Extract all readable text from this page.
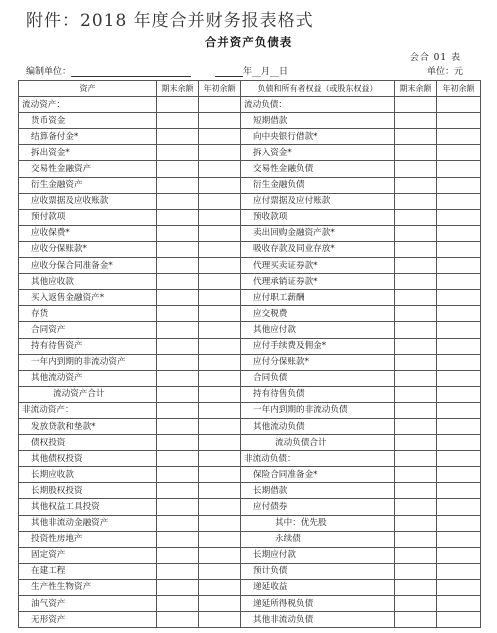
附件：2018 年度合并财务报表格式
合并资产负债表
会合 01 表
编制单位：	年__月__日	单位：元
资产	期末余额	年初余额	负债和所有者权益（或股东权益）	期末余额	年初余额
流动资产：			流动负债：		
货币资金			短期借款		
结算备付金*			向中央银行借款*		
拆出资金*			拆入资金*		
交易性金融资产			交易性金融负债		
衍生金融资产			衍生金融负债		
应收票据及应收账款			应付票据及应付账款		
预付款项			预收款项		
应收保费*			卖出回购金融资产款*		
应收分保账款*			吸收存款及同业存放*		
应收分保合同准备金*			代理买卖证券款*		
其他应收款			代理承销证券款*		
买入返售金融资产*			应付职工薪酬		
存货			应交税费		
合同资产			其他应付款		
持有待售资产			应付手续费及佣金*		
一年内到期的非流动资产			应付分保账款*		
其他流动资产			合同负债		
流动资产合计			持有待售负债		
非流动资产：			一年内到期的非流动负债		
发放贷款和垫款*			其他流动负债		
债权投资			流动负债合计		
其他债权投资			非流动负债：		
长期应收款			保险合同准备金*		
长期股权投资			长期借款		
其他权益工具投资			应付债券		
其他非流动金融资产			其中：优先股		
投资性房地产			永续债		
固定资产			长期应付款		
在建工程			预计负债		
生产性生物资产			递延收益		
油气资产			递延所得税负债		
无形资产			其他非流动负债		
